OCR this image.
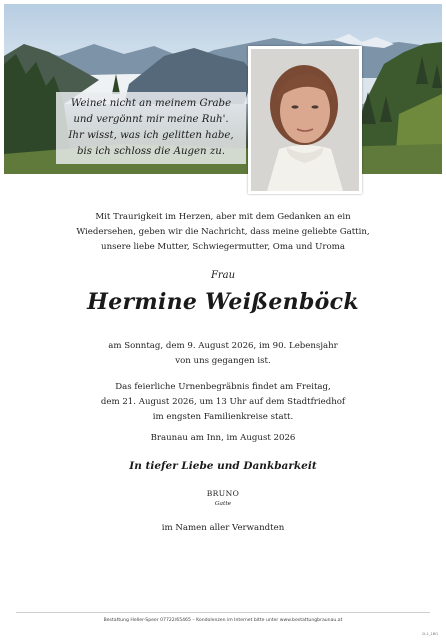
Weinet nicht an meinem Grabe
und vergönnt mir meine Ruh'.
Ihr wisst, was ich gelitten habe,
bis ich schloss die Augen zu.
Mit Traurigkeit im Herzen, aber mit dem Gedanken an ein
Wiedersehen, geben wir die Nachricht, dass meine geliebte Gattin,
unsere liebe Mutter, Schwiegermutter, Oma und Uroma
Frau
Hermine Weißenböck
am Sonntag, dem 9. August 2026, im 90. Lebensjahr
von uns gegangen ist.
Das feierliche Urnenbegräbnis findet am Freitag,
dem 21. August 2026, um 13 Uhr auf dem Stadtfriedhof
im engsten Familienkreise statt.
Braunau am Inn, im August 2026
In tiefer Liebe und Dankbarkeit
BRUNO
Gatte
im Namen aller Verwandten
Bestattung Heller-Speer 07722/65465 – Kondolenzen im Internet bitte unter www.bestattungbraunau.at
D-1_1BG
